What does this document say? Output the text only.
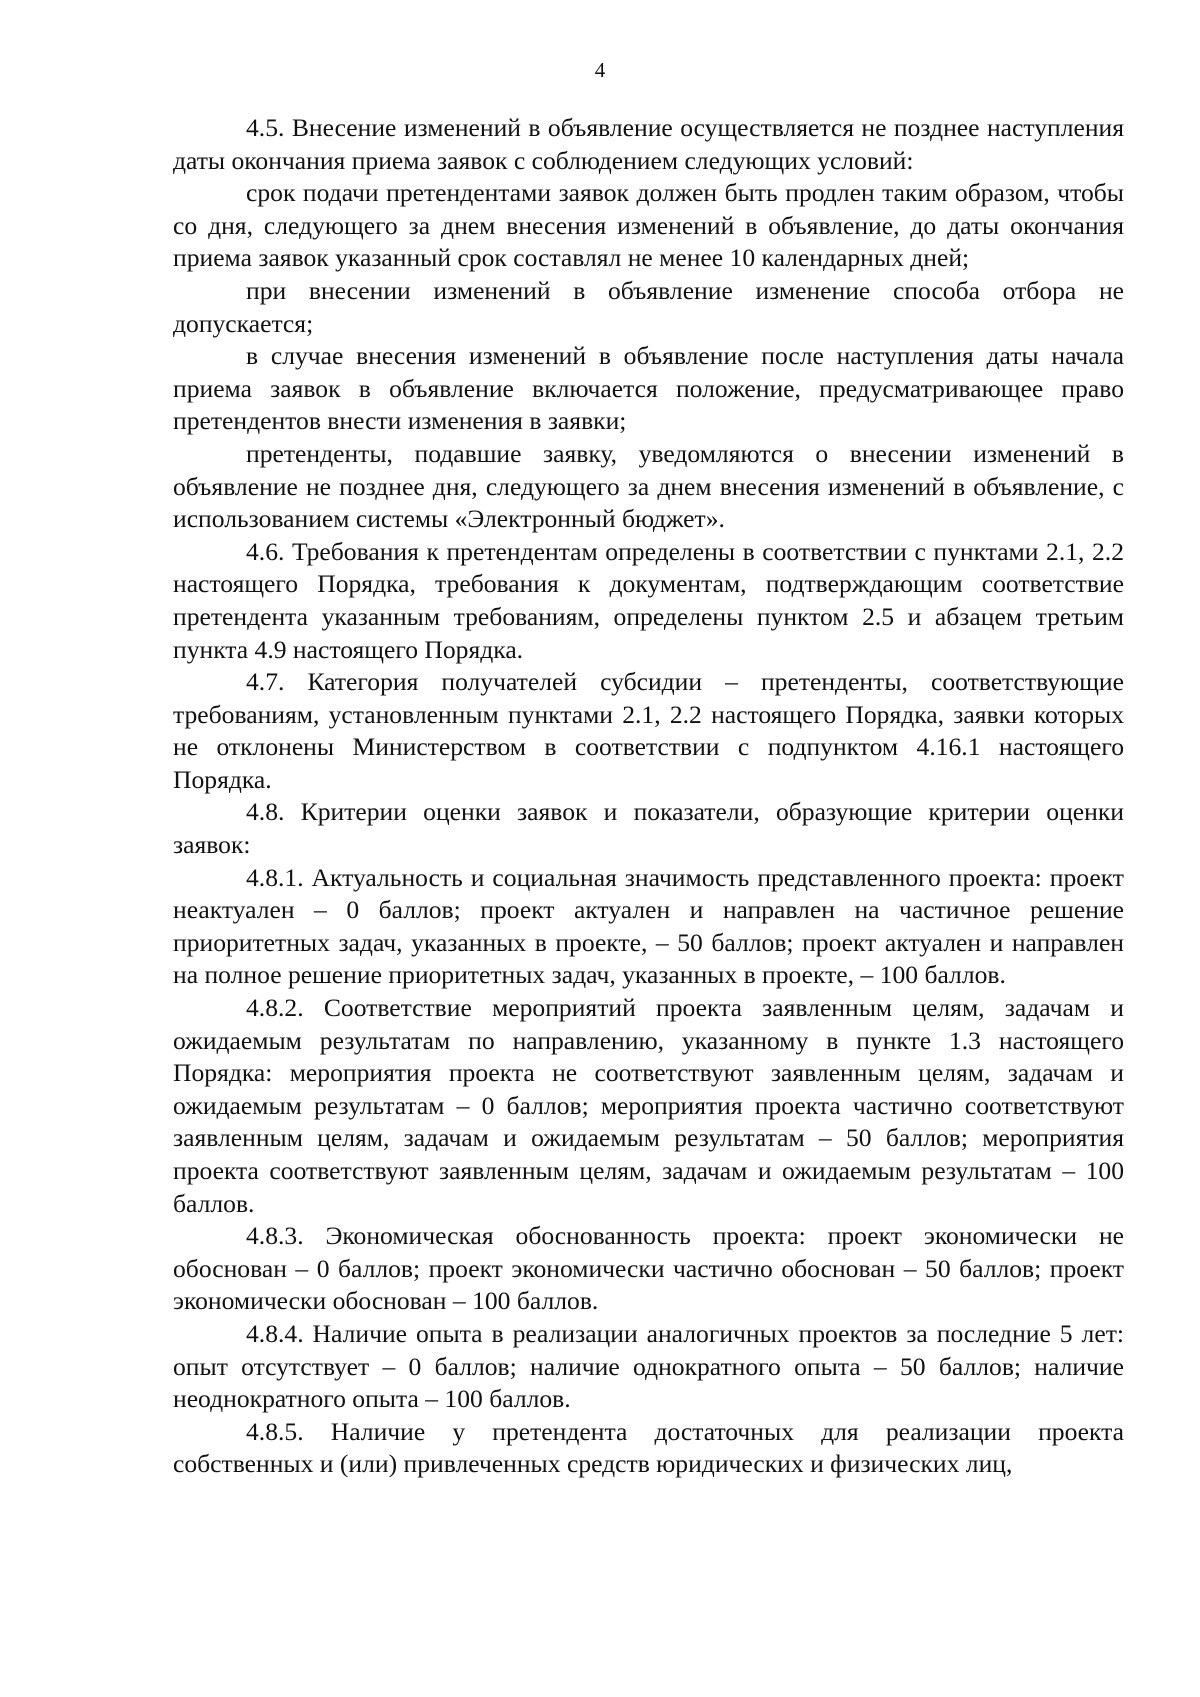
4

4.5. Внесение изменений в объявление осуществляется не позднее наступления даты окончания приема заявок с соблюдением следующих условий:

срок подачи претендентами заявок должен быть продлен таким образом, чтобы со дня, следующего за днем внесения изменений в объявление, до даты окончания приема заявок указанный срок составлял не менее 10 календарных дней;

при внесении изменений в объявление изменение способа отбора не допускается;

в случае внесения изменений в объявление после наступления даты начала приема заявок в объявление включается положение, предусматривающее право претендентов внести изменения в заявки;

претенденты, подавшие заявку, уведомляются о внесении изменений в объявление не позднее дня, следующего за днем внесения изменений в объявление, с использованием системы «Электронный бюджет».

4.6. Требования к претендентам определены в соответствии с пунктами 2.1, 2.2 настоящего Порядка, требования к документам, подтверждающим соответствие претендента указанным требованиям, определены пунктом 2.5 и абзацем третьим пункта 4.9 настоящего Порядка.

4.7. Категория получателей субсидии – претенденты, соответствующие требованиям, установленным пунктами 2.1, 2.2 настоящего Порядка, заявки которых не отклонены Министерством в соответствии с подпунктом 4.16.1 настоящего Порядка.

4.8. Критерии оценки заявок и показатели, образующие критерии оценки заявок:

4.8.1. Актуальность и социальная значимость представленного проекта: проект неактуален – 0 баллов; проект актуален и направлен на частичное решение приоритетных задач, указанных в проекте, – 50 баллов; проект актуален и направлен на полное решение приоритетных задач, указанных в проекте, – 100 баллов.

4.8.2. Соответствие мероприятий проекта заявленным целям, задачам и ожидаемым результатам по направлению, указанному в пункте 1.3 настоящего Порядка: мероприятия проекта не соответствуют заявленным целям, задачам и ожидаемым результатам – 0 баллов; мероприятия проекта частично соответствуют заявленным целям, задачам и ожидаемым результатам – 50 баллов; мероприятия проекта соответствуют заявленным целям, задачам и ожидаемым результатам – 100 баллов.

4.8.3. Экономическая обоснованность проекта: проект экономически не обоснован – 0 баллов; проект экономически частично обоснован – 50 баллов; проект экономически обоснован – 100 баллов.

4.8.4. Наличие опыта в реализации аналогичных проектов за последние 5 лет: опыт отсутствует – 0 баллов; наличие однократного опыта – 50 баллов; наличие неоднократного опыта – 100 баллов.

4.8.5. Наличие у претендента достаточных для реализации проекта собственных и (или) привлеченных средств юридических и физических лиц,
